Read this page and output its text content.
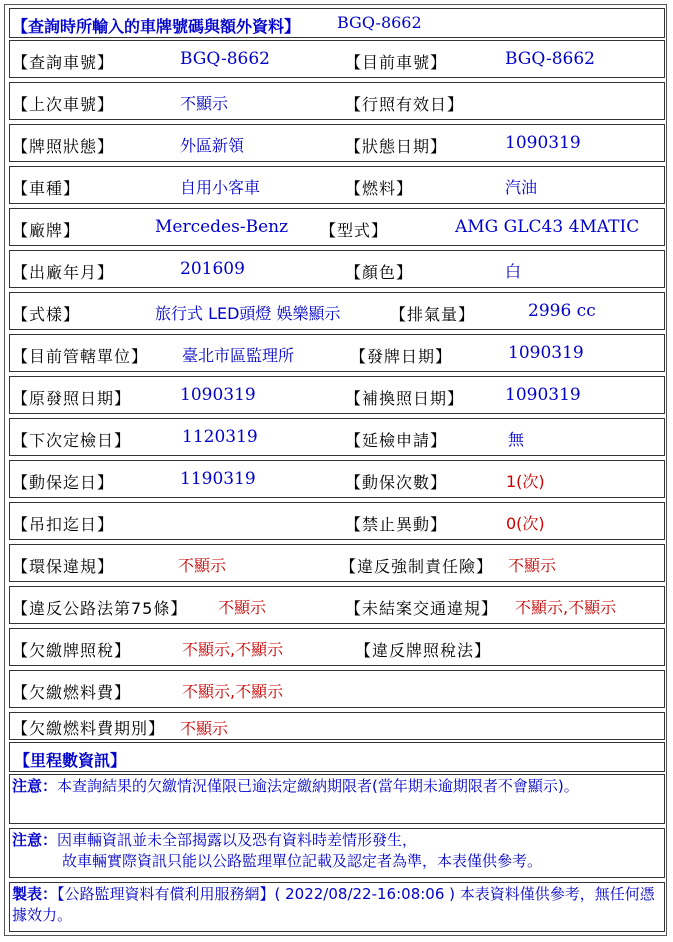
【查詢時所輸入的車牌號碼與額外資料】 BGQ-8662
【查詢車號】	BGQ-8662	【目前車號】	BGQ-8662
【上次車號】	不顯示	【行照有效日】
【牌照狀態】	外區新領	【狀態日期】	1090319
【車種】	自用小客車	【燃料】	汽油
【廠牌】	Mercedes-Benz 【型式】	AMG GLC43 4MATIC
【出廠年月】	201609	【顏色】	白
【式樣】	旅行式 LED頭燈 娛樂顯示	【排氣量】	2996 cc
【目前管轄單位】 臺北市區監理所	【發牌日期】	1090319
【原發照日期】	1090319	【補換照日期】 1090319
【下次定檢日】	1120319	【延檢申請】	無
【動保迄日】	1190319	【動保次數】	1(次)
【吊扣迄日】	【禁止異動】	0(次)
【環保違規】	不顯示	【違反強制責任險】 不顯示
【違反公路法第75條】 不顯示	【未結案交通違規】 不顯示,不顯示
【欠繳牌照稅】	不顯示,不顯示	【違反牌照稅法】
【欠繳燃料費】	不顯示,不顯示
【欠繳燃料費期別】 不顯示
【里程數資訊】
注意：本查詢結果的欠繳情況僅限已逾法定繳納期限者(當年期未逾期限者不會顯示)。
注意：因車輛資訊並未全部揭露以及恐有資料時差情形發生，
故車輛實際資訊只能以公路監理單位記載及認定者為準，本表僅供參考。
製表：【公路監理資料有償利用服務網】( 2022/08/22-16:08:06 ) 本表資料僅供參考，無任何憑據效力。
